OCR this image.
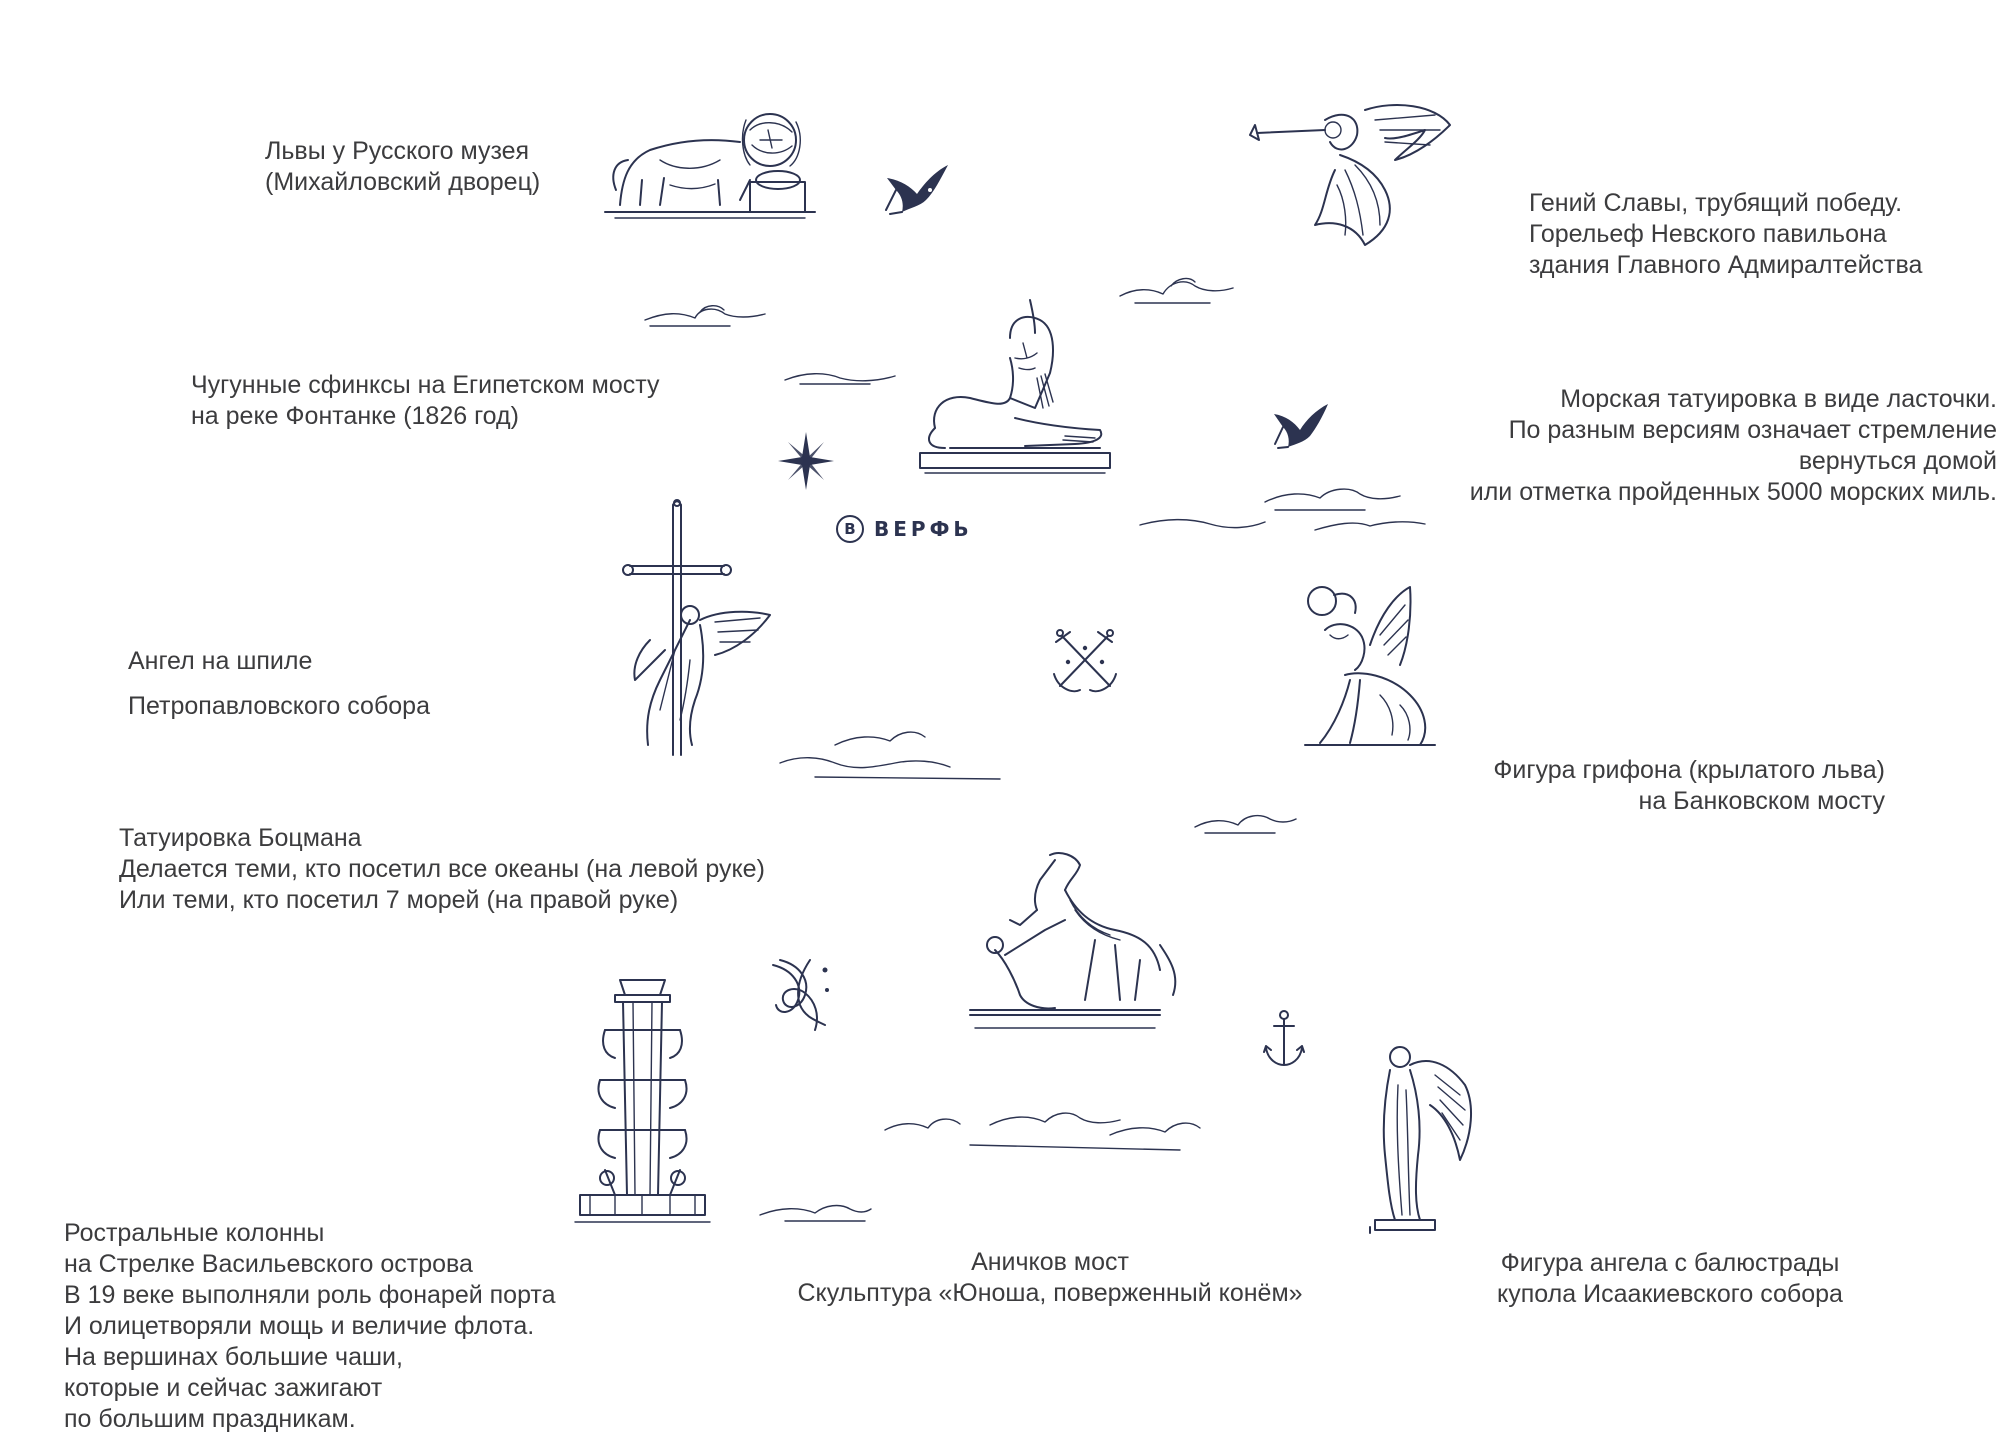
Львы у Русского музея
(Михайловский дворец)
Гений Славы, трубящий победу.
Горельеф Невского павильона
здания Главного Адмиралтейства
Чугунные сфинксы на Египетском мосту
на реке Фонтанке (1826 год)
Морская татуировка в виде ласточки.
По разным версиям означает стремление
вернуться домой
или отметка пройденных 5000 морских миль.
Ангел на шпиле
Петропавловского собора
Фигура грифона (крылатого льва)
на Банковском мосту
Татуировка Боцмана
Делается теми, кто посетил все океаны (на левой руке)
Или теми, кто посетил 7 морей (на правой руке)
Ростральные колонны
на Стрелке Васильевского острова
В 19 веке выполняли роль фонарей порта
И олицетворяли мощь и величие флота.
На вершинах большие чаши,
которые и сейчас зажигают
по большим праздникам.
Аничков мост
Скульптура «Юноша, поверженный конём»
Фигура ангела с балюстрады
купола Исаакиевского собора
В ВЕРФЬ
